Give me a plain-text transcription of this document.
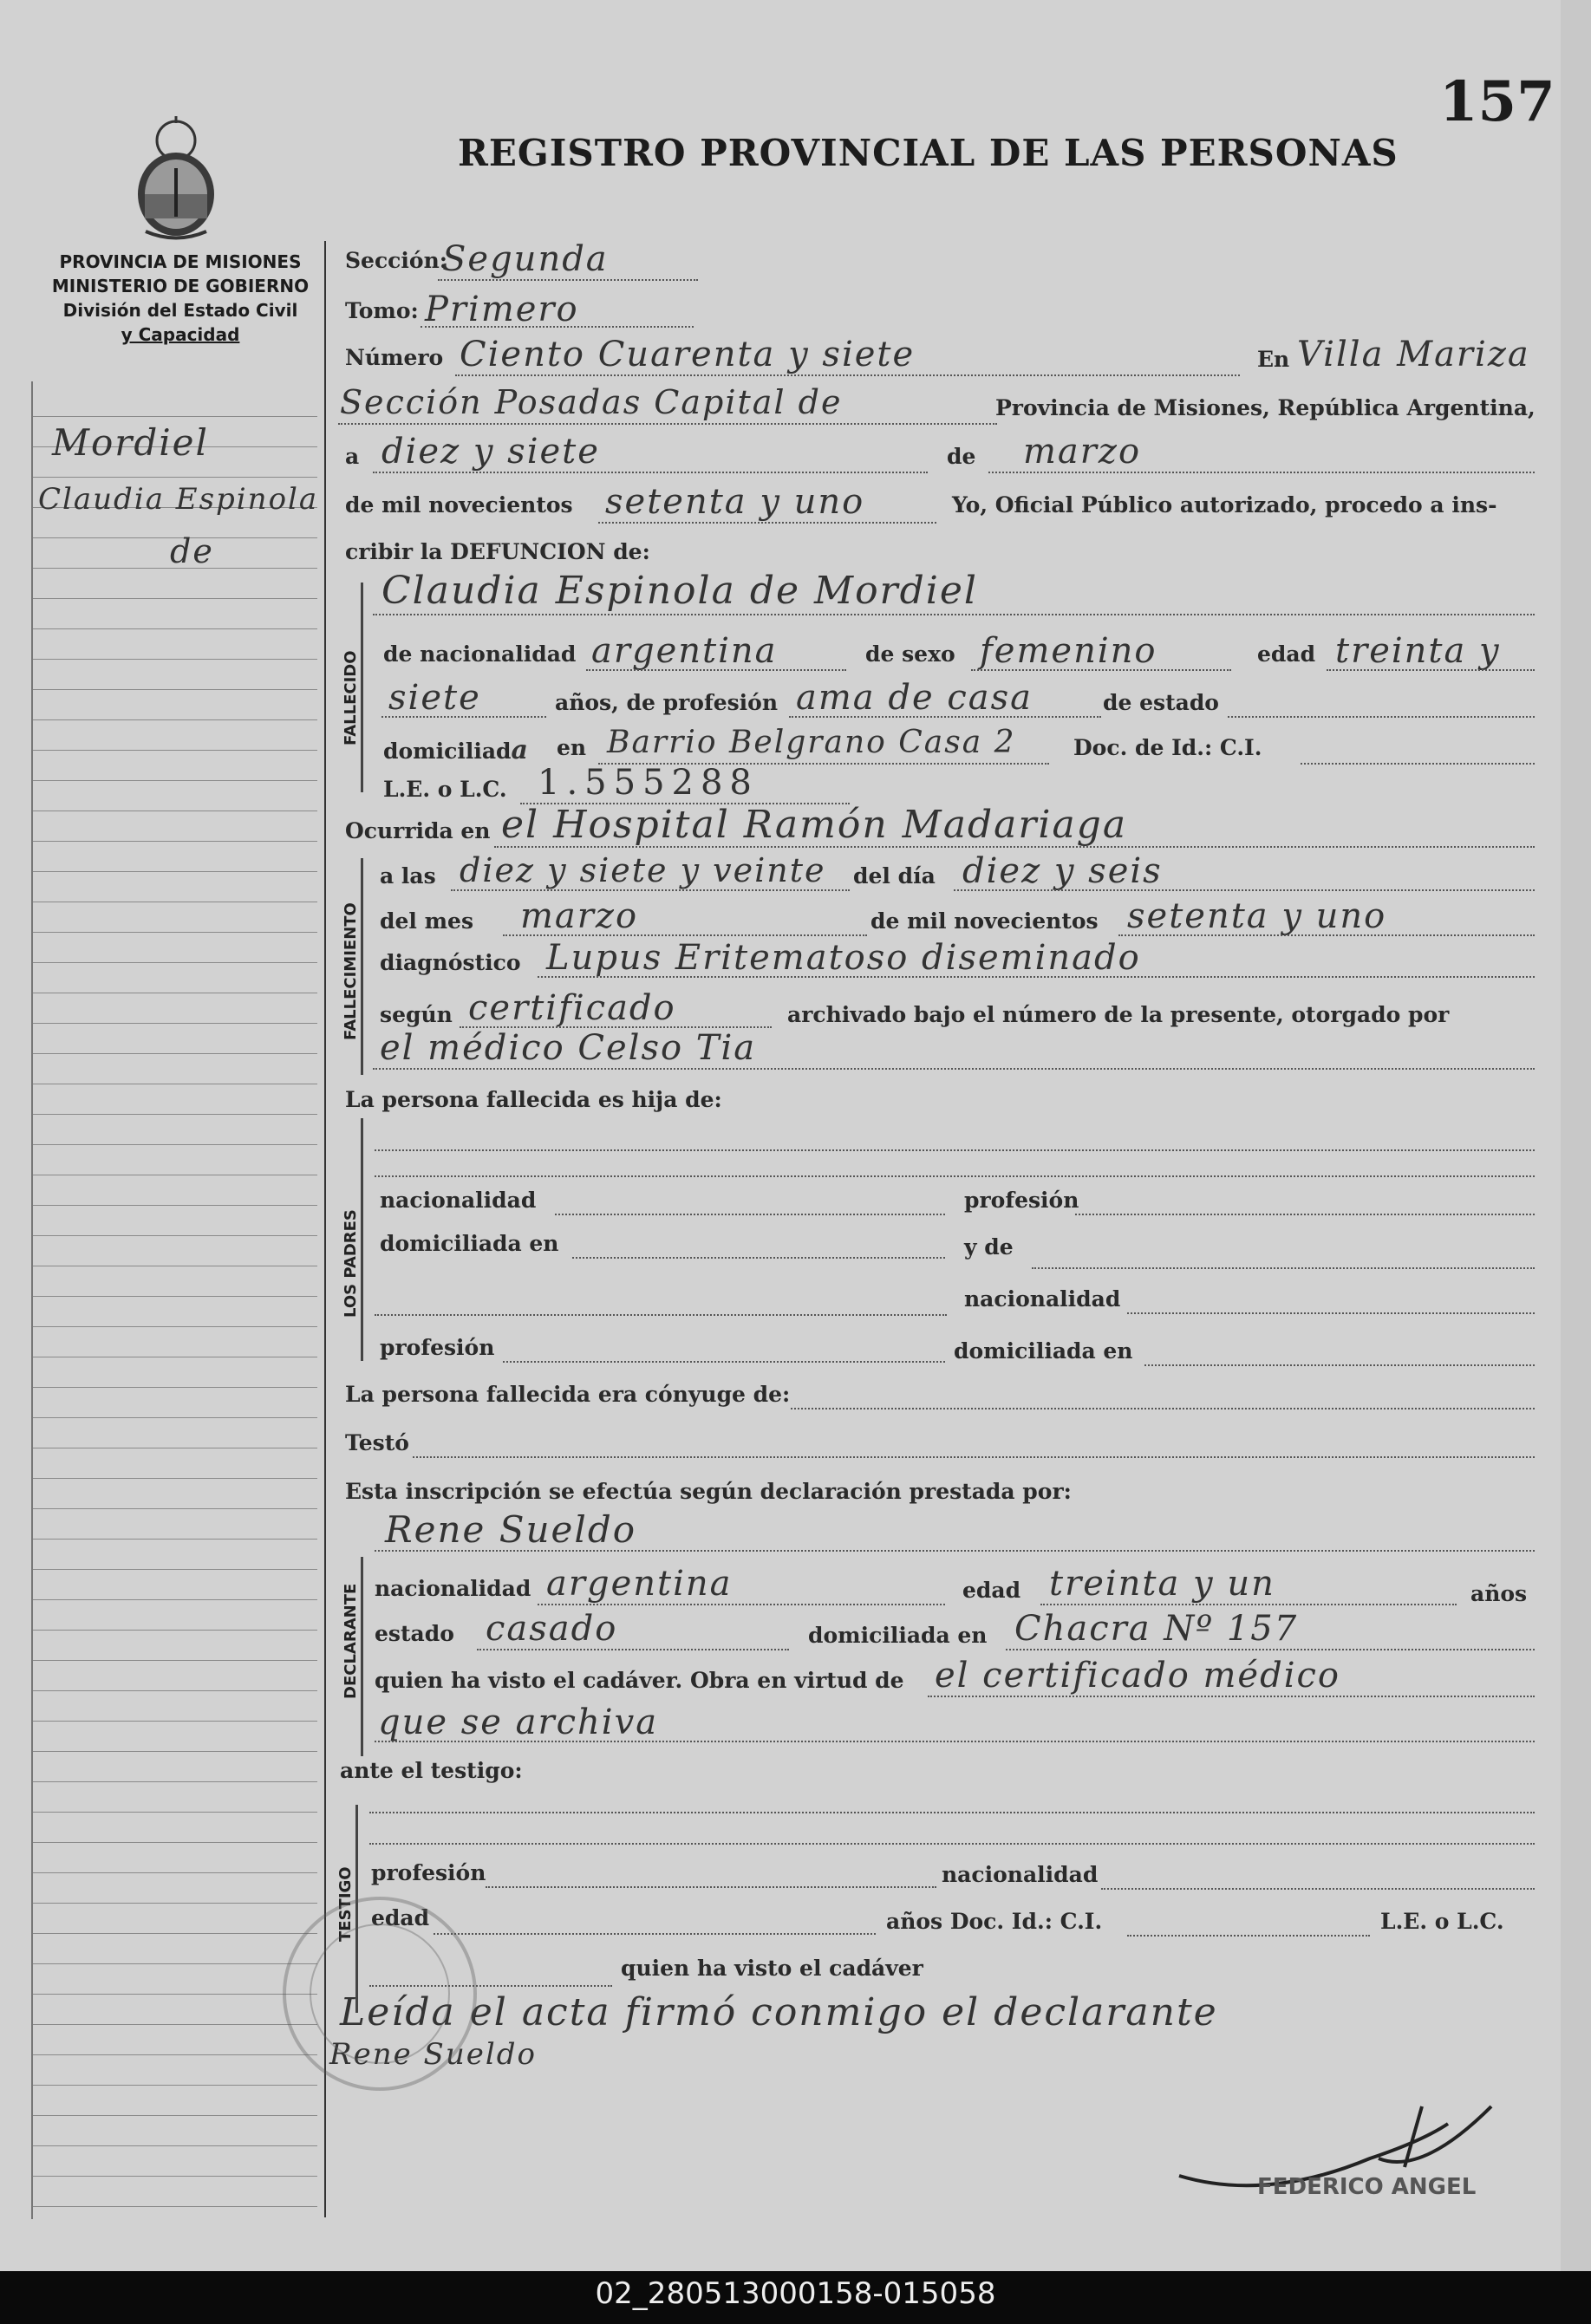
157
REGISTRO PROVINCIAL DE LAS PERSONAS
PROVINCIA DE MISIONES
MINISTERIO DE GOBIERNO
División del Estado Civil
y Capacidad
Mordiel
Claudia Espinola
de
Sección:
Segunda
Tomo: Primero
Número Ciento Cuarenta y siete	En Villa Mariza
Sección Posadas Capital de	Provincia de Misiones, República Argentina,
a diez y siete	de marzo
de mil novecientos setenta y uno	Yo, Oficial Público autorizado, procedo a ins-
cribir la DEFUNCION de:
FALLECIDO
Claudia Espinola de Mordiel
de nacionalidad argentina	de sexo femenino	edad treinta y
siete	años, de profesión ama de casa	de estado
domiciliada en Barrio Belgrano Casa 2	Doc. de Id.: C.I.
L.E. o L.C. 1.555288
Ocurrida en el Hospital Ramón Madariaga
FALLECIMIENTO
a las diez y siete y veinte del día diez y seis
del mes marzo	de mil novecientos setenta y uno
diagnóstico Lupus Eritematoso diseminado
según certificado	archivado bajo el número de la presente, otorgado por
el médico Celso Tia
La persona fallecida es hija de:
LOS PADRES
nacionalidad	profesión
domiciliada en	y de
nacionalidad
profesión	domiciliada en
La persona fallecida era cónyuge de:
Testó
Esta inscripción se efectúa según declaración prestada por:
Rene Sueldo
DECLARANTE nacionalidad argentina	edad treinta y un	años
estado casado	domiciliada en Chacra Nº 157
quien ha visto el cadáver. Obra en virtud de el certificado médico
que se archiva
ante el testigo:
TESTIGO profesión	nacionalidad
edad	años Doc. Id.: C.I.	L.E. o L.C.
quien ha visto el cadáver
Leída el acta firmó conmigo el declarante
Rene Sueldo
FEDERICO ANGEL
02_280513000158-015058
